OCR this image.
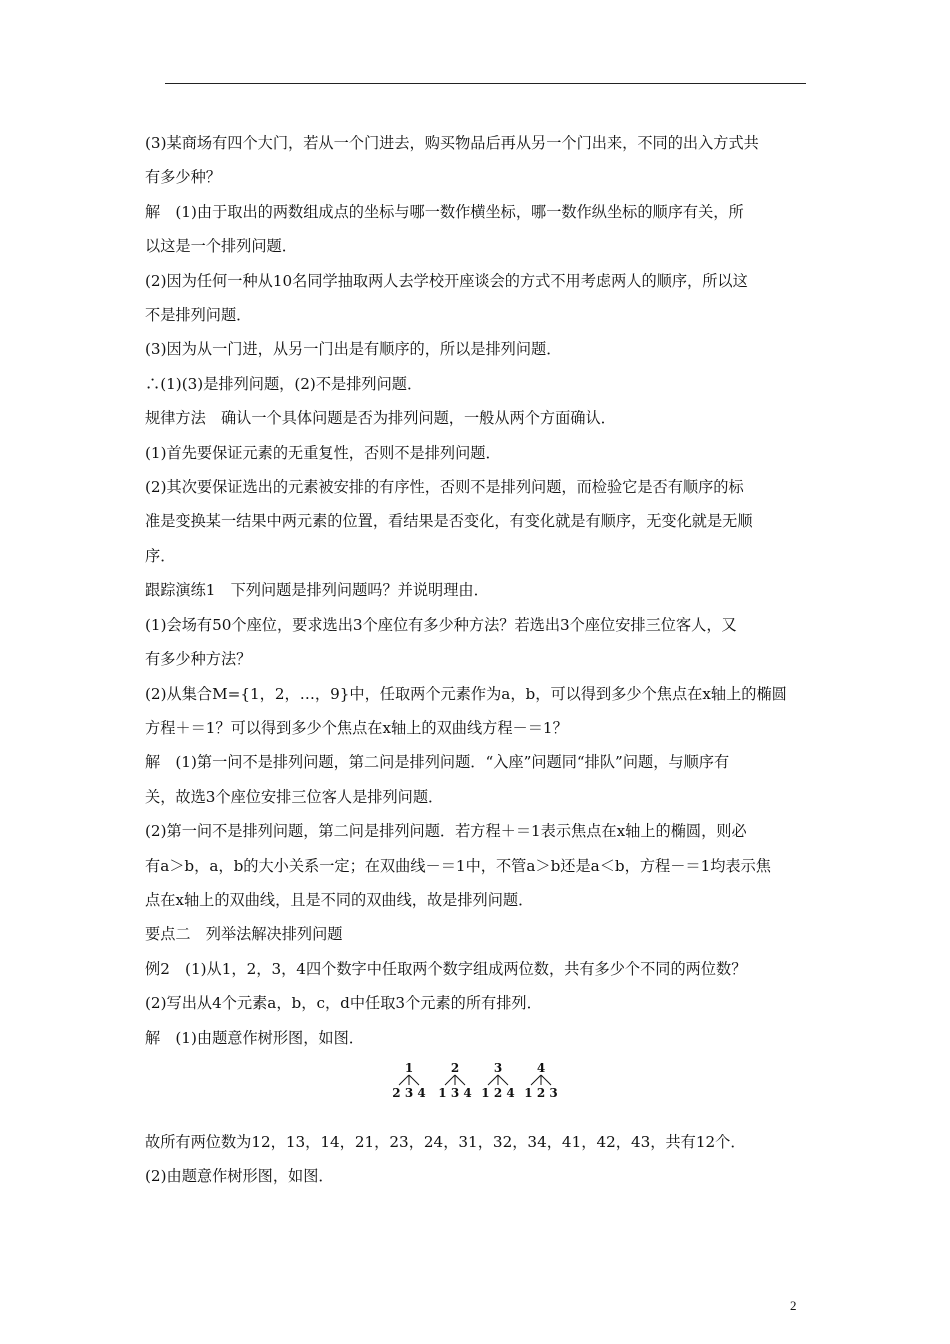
(3)某商场有四个大门，若从一个门进去，购买物品后再从另一个门出来，不同的出入方式共

有多少种？

解　(1)由于取出的两数组成点的坐标与哪一数作横坐标，哪一数作纵坐标的顺序有关，所

以这是一个排列问题．

(2)因为任何一种从10名同学抽取两人去学校开座谈会的方式不用考虑两人的顺序，所以这

不是排列问题．

(3)因为从一门进，从另一门出是有顺序的，所以是排列问题．

∴(1)(3)是排列问题，(2)不是排列问题．

规律方法　确认一个具体问题是否为排列问题，一般从两个方面确认．

(1)首先要保证元素的无重复性，否则不是排列问题．

(2)其次要保证选出的元素被安排的有序性，否则不是排列问题，而检验它是否有顺序的标

准是变换某一结果中两元素的位置，看结果是否变化，有变化就是有顺序，无变化就是无顺

序．

跟踪演练1　下列问题是排列问题吗？并说明理由．

(1)会场有50个座位，要求选出3个座位有多少种方法？若选出3个座位安排三位客人，又

有多少种方法？

(2)从集合M={1，2，…，9}中，任取两个元素作为a，b，可以得到多少个焦点在x轴上的椭圆

方程＋＝1？可以得到多少个焦点在x轴上的双曲线方程－＝1？

解　(1)第一问不是排列问题，第二问是排列问题．“入座”问题同“排队”问题，与顺序有

关，故选3个座位安排三位客人是排列问题．

(2)第一问不是排列问题，第二问是排列问题．若方程＋＝1表示焦点在x轴上的椭圆，则必

有a＞b，a，b的大小关系一定；在双曲线－＝1中，不管a＞b还是a＜b，方程－＝1均表示焦

点在x轴上的双曲线，且是不同的双曲线，故是排列问题．

要点二　列举法解决排列问题

例2　(1)从1，2，3，4四个数字中任取两个数字组成两位数，共有多少个不同的两位数？

(2)写出从4个元素a，b，c，d中任取3个元素的所有排列．

解　(1)由题意作树形图，如图．

故所有两位数为12，13，14，21，23，24，31，32，34，41，42，43，共有12个．

(2)由题意作树形图，如图．

1
2 3 4
2
1 3 4
3
1 2 4
4
1 2 3
2
